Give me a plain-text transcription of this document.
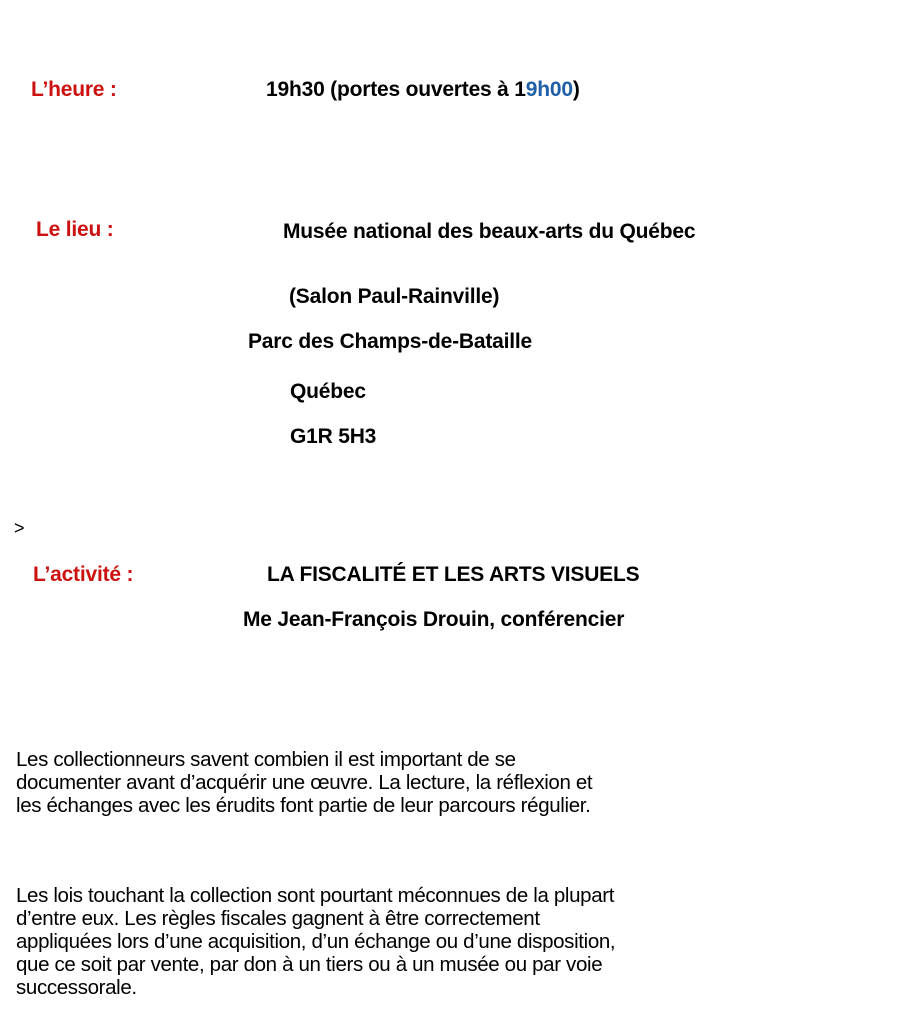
L’heure :	19h30 (portes ouvertes à 19h00)
Le lieu :	Musée national des beaux-arts du Québec
(Salon Paul-Rainville)
Parc des Champs-de-Bataille
Québec
G1R 5H3
>
L’activité :	LA FISCALITÉ ET LES ARTS VISUELS
Me Jean-François Drouin, conférencier
Les collectionneurs savent combien il est important de se
documenter avant d’acquérir une œuvre. La lecture, la réflexion et
les échanges avec les érudits font partie de leur parcours régulier.
Les lois touchant la collection sont pourtant méconnues de la plupart
d’entre eux. Les règles fiscales gagnent à être correctement
appliquées lors d’une acquisition, d’un échange ou d’une disposition,
que ce soit par vente, par don à un tiers ou à un musée ou par voie
successorale.
